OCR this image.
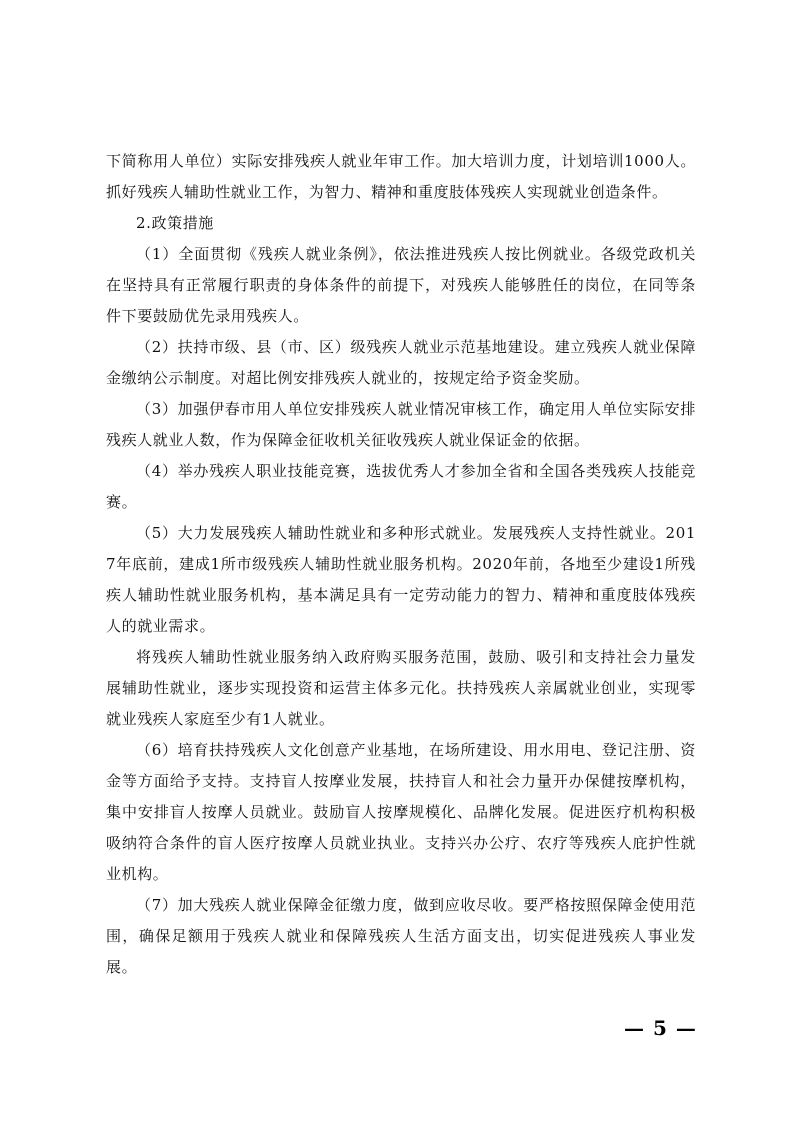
下简称用人单位）实际安排残疾人就业年审工作。加大培训力度，计划培训1000人。抓好残疾人辅助性就业工作，为智力、精神和重度肢体残疾人实现就业创造条件。

2.政策措施

（1）全面贯彻《残疾人就业条例》，依法推进残疾人按比例就业。各级党政机关在坚持具有正常履行职责的身体条件的前提下，对残疾人能够胜任的岗位，在同等条件下要鼓励优先录用残疾人。

（2）扶持市级、县（市、区）级残疾人就业示范基地建设。建立残疾人就业保障金缴纳公示制度。对超比例安排残疾人就业的，按规定给予资金奖励。

（3）加强伊春市用人单位安排残疾人就业情况审核工作，确定用人单位实际安排残疾人就业人数，作为保障金征收机关征收残疾人就业保证金的依据。

（4）举办残疾人职业技能竞赛，选拔优秀人才参加全省和全国各类残疾人技能竞赛。

（5）大力发展残疾人辅助性就业和多种形式就业。发展残疾人支持性就业。2017年底前，建成1所市级残疾人辅助性就业服务机构。2020年前，各地至少建设1所残疾人辅助性就业服务机构，基本满足具有一定劳动能力的智力、精神和重度肢体残疾人的就业需求。

将残疾人辅助性就业服务纳入政府购买服务范围，鼓励、吸引和支持社会力量发展辅助性就业，逐步实现投资和运营主体多元化。扶持残疾人亲属就业创业，实现零就业残疾人家庭至少有1人就业。

（6）培育扶持残疾人文化创意产业基地，在场所建设、用水用电、登记注册、资金等方面给予支持。支持盲人按摩业发展，扶持盲人和社会力量开办保健按摩机构，集中安排盲人按摩人员就业。鼓励盲人按摩规模化、品牌化发展。促进医疗机构积极吸纳符合条件的盲人医疗按摩人员就业执业。支持兴办公疗、农疗等残疾人庇护性就业机构。

（7）加大残疾人就业保障金征缴力度，做到应收尽收。要严格按照保障金使用范围，确保足额用于残疾人就业和保障残疾人生活方面支出，切实促进残疾人事业发展。

— 5 —
